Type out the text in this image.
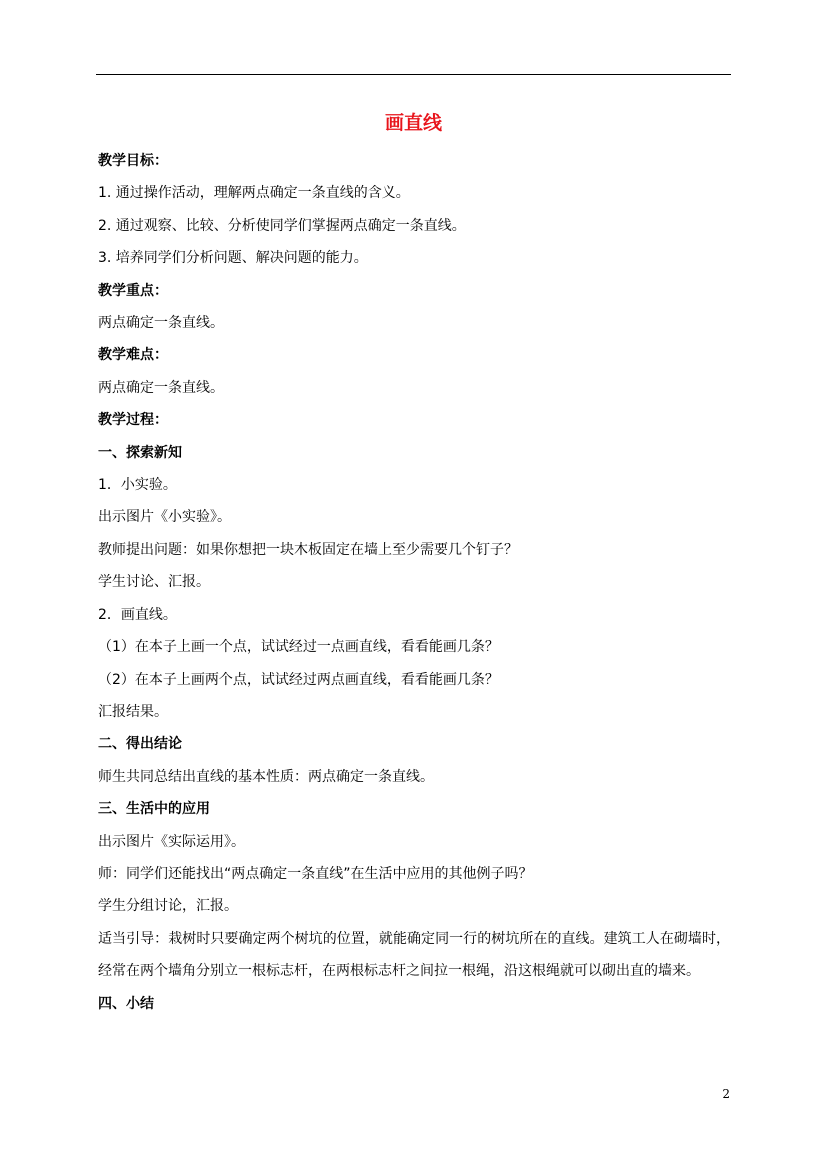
画直线
教学目标：
1. 通过操作活动，理解两点确定一条直线的含义。
2. 通过观察、比较、分析使同学们掌握两点确定一条直线。
3. 培养同学们分析问题、解决问题的能力。
教学重点：
两点确定一条直线。
教学难点：
两点确定一条直线。
教学过程：
一、探索新知
1．小实验。
出示图片《小实验》。
教师提出问题：如果你想把一块木板固定在墙上至少需要几个钉子？
学生讨论、汇报。
2．画直线。
（1）在本子上画一个点，试试经过一点画直线，看看能画几条？
（2）在本子上画两个点，试试经过两点画直线，看看能画几条？
汇报结果。
二、得出结论
师生共同总结出直线的基本性质：两点确定一条直线。
三、生活中的应用
出示图片《实际运用》。
师：同学们还能找出“两点确定一条直线”在生活中应用的其他例子吗？
学生分组讨论，汇报。
适当引导：栽树时只要确定两个树坑的位置，就能确定同一行的树坑所在的直线。建筑工人在砌墙时，经常在两个墙角分别立一根标志杆，在两根标志杆之间拉一根绳，沿这根绳就可以砌出直的墙来。
四、小结
2
